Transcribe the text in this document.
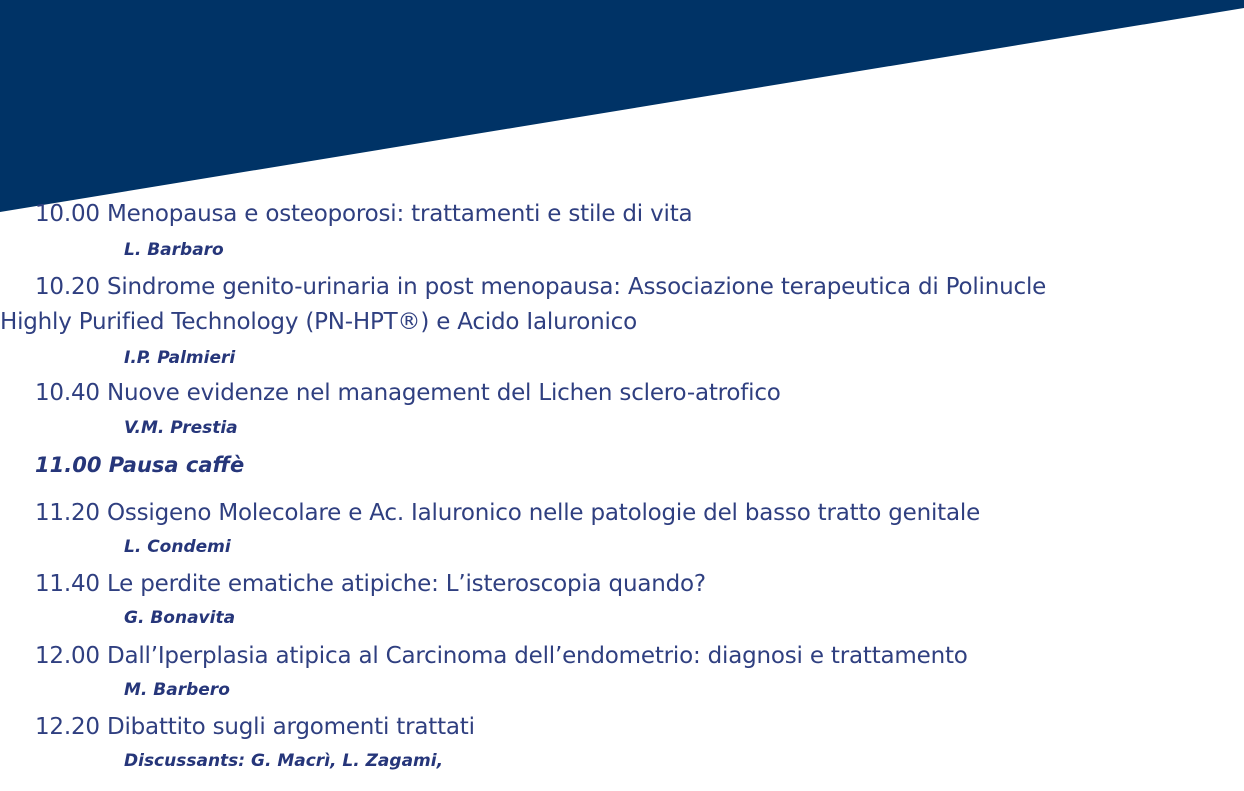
10.00 Menopausa e osteoporosi: trattamenti e stile di vita
L. Barbaro
10.20 Sindrome genito-urinaria in post menopausa: Associazione terapeutica di Polinucle
Highly Purified Technology (PN-HPT®) e Acido Ialuronico
I.P. Palmieri
10.40 Nuove evidenze nel management del Lichen sclero-atrofico
V.M. Prestia
11.00 Pausa caffè
11.20 Ossigeno Molecolare e Ac. Ialuronico nelle patologie del basso tratto genitale
L. Condemi
11.40 Le perdite ematiche atipiche: L’isteroscopia quando?
G. Bonavita
12.00 Dall’Iperplasia atipica al Carcinoma dell’endometrio: diagnosi e trattamento
M. Barbero
12.20 Dibattito sugli argomenti trattati
Discussants: G. Macrì, L. Zagami,
